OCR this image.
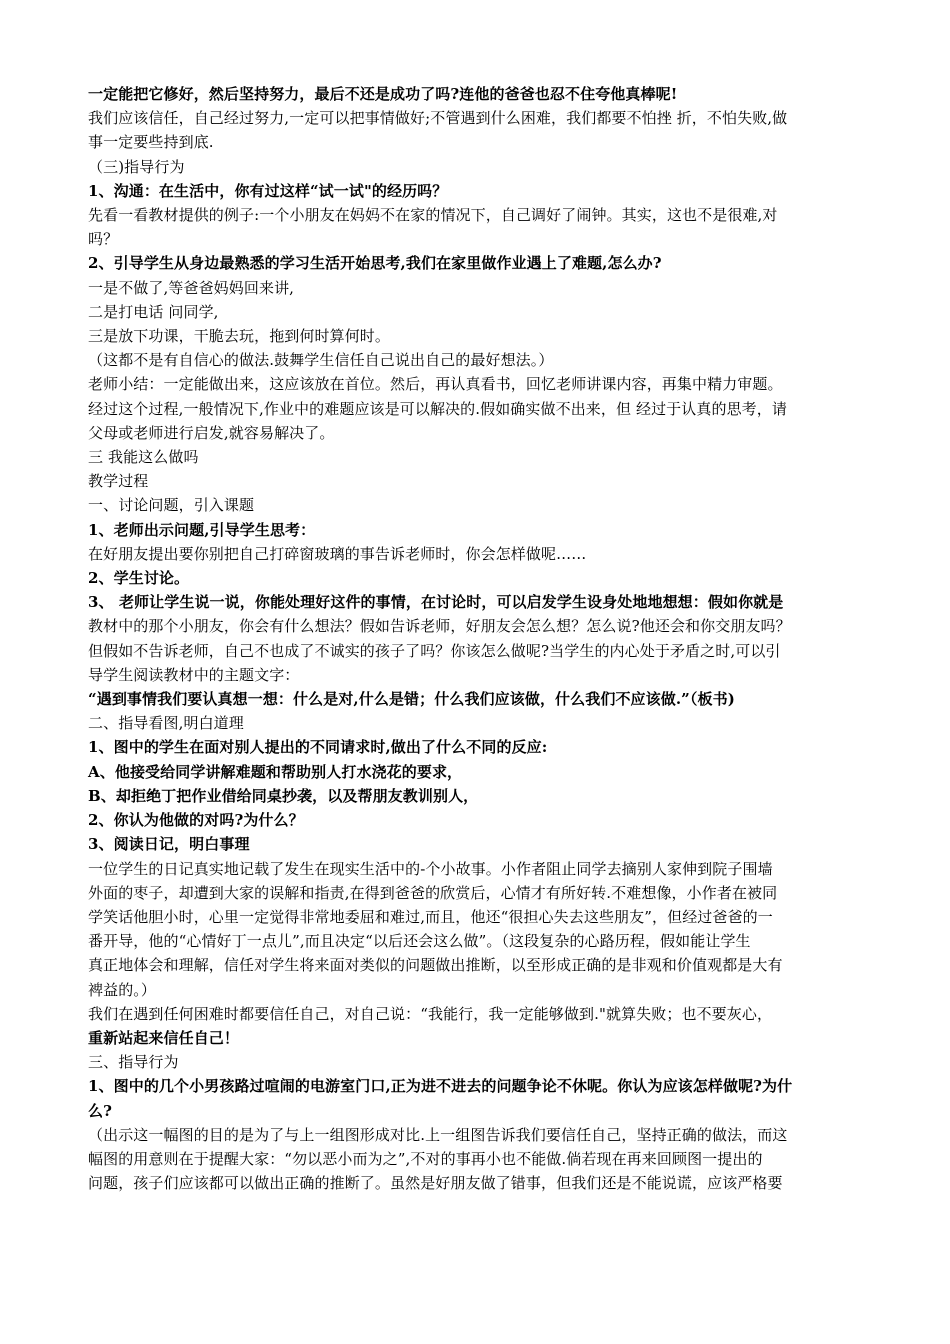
一定能把它修好，然后坚持努力，最后不还是成功了吗?连他的爸爸也忍不住夸他真棒呢!
我们应该信任，自己经过努力,一定可以把事情做好;不管遇到什么困难，我们都要不怕挫 折，不怕失败,做
事一定要些持到底.
（三)指导行为
1、沟通：在生活中，你有过这样“试一试"的经历吗？
先看一看教材提供的例子:一个小朋友在妈妈不在家的情况下，自己调好了闹钟。其实，这也不是很难,对
吗？
2、引导学生从身边最熟悉的学习生活开始思考,我们在家里做作业遇上了难题,怎么办?
一是不做了,等爸爸妈妈回来讲,
二是打电话 问同学,
三是放下功课，干脆去玩，拖到何时算何时。
（这都不是有自信心的做法.鼓舞学生信任自己说出自己的最好想法。）
老师小结：一定能做出来，这应该放在首位。然后，再认真看书，回忆老师讲课内容，再集中精力审题。
经过这个过程,一般情况下,作业中的难题应该是可以解决的.假如确实做不出来，但 经过于认真的思考，请
父母或老师进行启发,就容易解决了。
三 我能这么做吗
教学过程
一、讨论问题，引入课题
1、老师出示问题,引导学生思考：
在好朋友提出要你别把自己打碎窗玻璃的事告诉老师时，你会怎样做呢……
2、学生讨论。
3、 老师让学生说一说，你能处理好这件的事情，在讨论时，可以启发学生设身处地地想想：假如你就是
教材中的那个小朋友，你会有什么想法？假如告诉老师，好朋友会怎么想？怎么说?他还会和你交朋友吗？
但假如不告诉老师，自己不也成了不诚实的孩子了吗？你该怎么做呢?当学生的内心处于矛盾之时,可以引
导学生阅读教材中的主题文字：
“遇到事情我们要认真想一想：什么是对,什么是错；什么我们应该做，什么我们不应该做.”（板书)
二、指导看图,明白道理
1、图中的学生在面对别人提出的不同请求时,做出了什么不同的反应:
A、他接受给同学讲解难题和帮助别人打水浇花的要求，
B、却拒绝丁把作业借给同桌抄袭，以及帮朋友教训别人，
2、你认为他做的对吗?为什么？
3、阅读日记，明白事理
一位学生的日记真实地记载了发生在现实生活中的-个小故事。小作者阻止同学去摘别人家伸到院子围墙
外面的枣子，却遭到大家的误解和指责,在得到爸爸的欣赏后，心情才有所好转.不难想像，小作者在被同
学笑话他胆小时，心里一定觉得非常地委屈和难过,而且，他还“很担心失去这些朋友”，但经过爸爸的一
番开导，他的“心情好丁一点儿”,而且决定“以后还会这么做”。（这段复杂的心路历程，假如能让学生
真正地体会和理解，信任对学生将来面对类似的问题做出推断，以至形成正确的是非观和价值观都是大有
裨益的。）
我们在遇到任何困难时都要信任自己，对自己说：“我能行，我一定能够做到."就算失败；也不要灰心，
重新站起来信任自己！
三、指导行为
1、图中的几个小男孩路过喧闹的电游室门口,正为进不进去的问题争论不休呢。你认为应该怎样做呢?为什
么?
（出示这一幅图的目的是为了与上一组图形成对比.上一组图告诉我们要信任自己，坚持正确的做法，而这
幅图的用意则在于提醒大家：“勿以恶小而为之”,不对的事再小也不能做.倘若现在再来回顾图一提出的
问题，孩子们应该都可以做出正确的推断了。虽然是好朋友做了错事，但我们还是不能说谎，应该严格要
